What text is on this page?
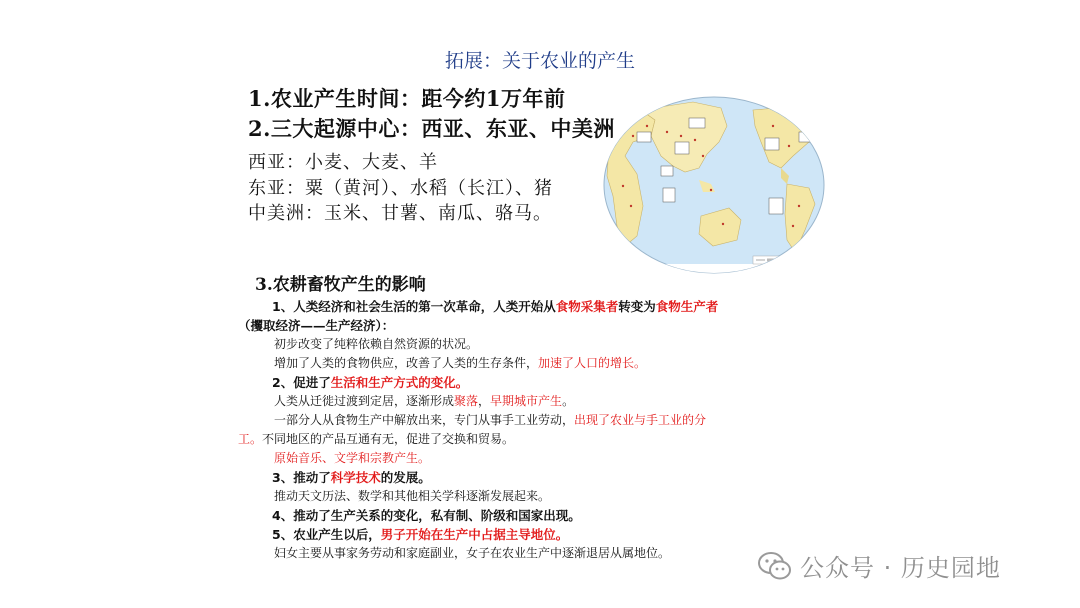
拓展：关于农业的产生
1.农业产生时间：距今约1万年前
2.三大起源中心：西亚、东亚、中美洲
西亚：小麦、大麦、羊
东亚：粟（黄河）、水稻（长江）、猪
中美洲：玉米、甘薯、南瓜、骆马。
3.农耕畜牧产生的影响
1、人类经济和社会生活的第一次革命，人类开始从食物采集者转变为食物生产者
（攫取经济——生产经济）：
初步改变了纯粹依赖自然资源的状况。
增加了人类的食物供应，改善了人类的生存条件，加速了人口的增长。
2、促进了生活和生产方式的变化。
人类从迁徙过渡到定居，逐渐形成聚落，早期城市产生。
一部分人从食物生产中解放出来，专门从事手工业劳动，出现了农业与手工业的分
工。不同地区的产品互通有无，促进了交换和贸易。
原始音乐、文学和宗教产生。
3、推动了科学技术的发展。
推动天文历法、数学和其他相关学科逐渐发展起来。
4、推动了生产关系的变化，私有制、阶级和国家出现。
5、农业产生以后，男子开始在生产中占据主导地位。
妇女主要从事家务劳动和家庭副业，女子在农业生产中逐渐退居从属地位。
公众号 · 历史园地
